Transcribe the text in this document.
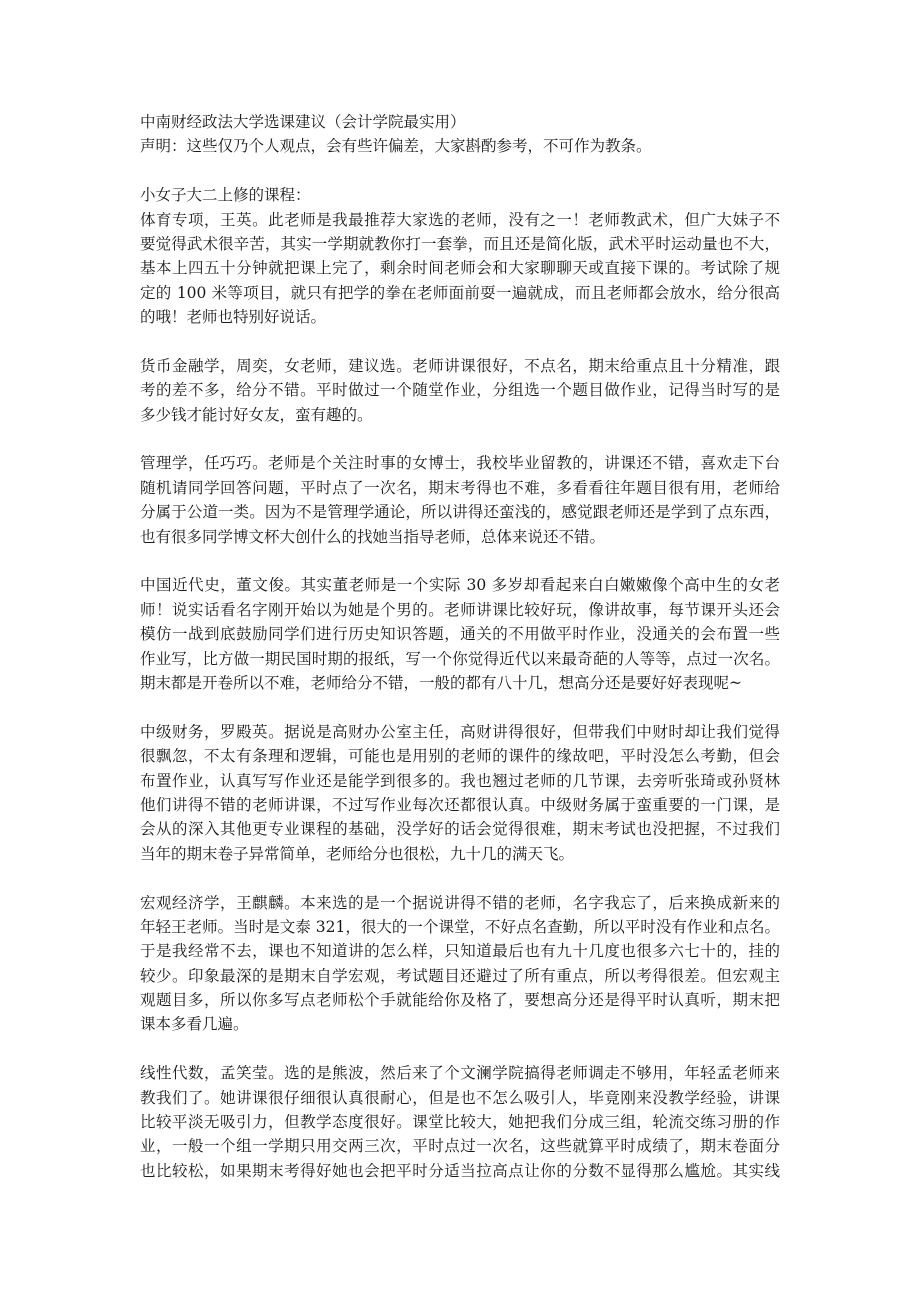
中南财经政法大学选课建议（会计学院最实用）
声明：这些仅乃个人观点，会有些许偏差，大家斟酌参考，不可作为教条。
小女子大二上修的课程：
体育专项，王英。此老师是我最推荐大家选的老师，没有之一！老师教武术，但广大妹子不
要觉得武术很辛苦，其实一学期就教你打一套拳，而且还是简化版，武术平时运动量也不大，
基本上四五十分钟就把课上完了，剩余时间老师会和大家聊聊天或直接下课的。考试除了规
定的 100 米等项目，就只有把学的拳在老师面前耍一遍就成，而且老师都会放水，给分很高
的哦！老师也特别好说话。
货币金融学，周奕，女老师，建议选。老师讲课很好，不点名，期末给重点且十分精准，跟
考的差不多，给分不错。平时做过一个随堂作业，分组选一个题目做作业，记得当时写的是
多少钱才能讨好女友，蛮有趣的。
管理学，任巧巧。老师是个关注时事的女博士，我校毕业留教的，讲课还不错，喜欢走下台
随机请同学回答问题，平时点了一次名，期末考得也不难，多看看往年题目很有用，老师给
分属于公道一类。因为不是管理学通论，所以讲得还蛮浅的，感觉跟老师还是学到了点东西，
也有很多同学博文杯大创什么的找她当指导老师，总体来说还不错。
中国近代史，董文俊。其实董老师是一个实际 30 多岁却看起来白白嫩嫩像个高中生的女老
师！说实话看名字刚开始以为她是个男的。老师讲课比较好玩，像讲故事，每节课开头还会
模仿一战到底鼓励同学们进行历史知识答题，通关的不用做平时作业，没通关的会布置一些
作业写，比方做一期民国时期的报纸，写一个你觉得近代以来最奇葩的人等等，点过一次名。
期末都是开卷所以不难，老师给分不错，一般的都有八十几，想高分还是要好好表现呢~
中级财务，罗殿英。据说是高财办公室主任，高财讲得很好，但带我们中财时却让我们觉得
很飘忽，不太有条理和逻辑，可能也是用别的老师的课件的缘故吧，平时没怎么考勤，但会
布置作业，认真写写作业还是能学到很多的。我也翘过老师的几节课，去旁听张琦或孙贤林
他们讲得不错的老师讲课，不过写作业每次还都很认真。中级财务属于蛮重要的一门课，是
会从的深入其他更专业课程的基础，没学好的话会觉得很难，期末考试也没把握，不过我们
当年的期末卷子异常简单，老师给分也很松，九十几的满天飞。
宏观经济学，王麒麟。本来选的是一个据说讲得不错的老师，名字我忘了，后来换成新来的
年轻王老师。当时是文泰 321，很大的一个课堂，不好点名查勤，所以平时没有作业和点名。
于是我经常不去，课也不知道讲的怎么样，只知道最后也有九十几度也很多六七十的，挂的
较少。印象最深的是期末自学宏观，考试题目还避过了所有重点，所以考得很差。但宏观主
观题目多，所以你多写点老师松个手就能给你及格了，要想高分还是得平时认真听，期末把
课本多看几遍。
线性代数，孟笑莹。选的是熊波，然后来了个文澜学院搞得老师调走不够用，年轻孟老师来
教我们了。她讲课很仔细很认真很耐心，但是也不怎么吸引人，毕竟刚来没教学经验，讲课
比较平淡无吸引力，但教学态度很好。课堂比较大，她把我们分成三组，轮流交练习册的作
业，一般一个组一学期只用交两三次，平时点过一次名，这些就算平时成绩了，期末卷面分
也比较松，如果期末考得好她也会把平时分适当拉高点让你的分数不显得那么尴尬。其实线
